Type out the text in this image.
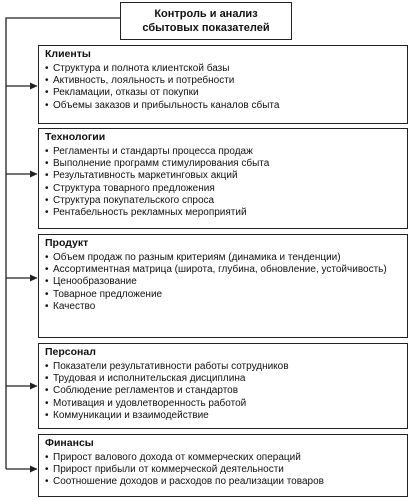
Контроль и анализ
сбытовых показателей
Клиенты
• Структура и полнота клиентской базы
• Активность, лояльность и потребности
• Рекламации, отказы от покупки
• Объемы заказов и прибыльность каналов сбыта
Технологии
• Регламенты и стандарты процесса продаж
• Выполнение программ стимулирования сбыта
• Результативность маркетинговых акций
• Структура товарного предложения
• Структура покупательского спроса
• Рентабельность рекламных мероприятий
Продукт
• Объем продаж по разным критериям (динамика и тенденции)
• Ассортиментная матрица (широта, глубина, обновление, устойчивость)
• Ценообразование
• Товарное предложение
• Качество
Персонал
• Показатели результативности работы сотрудников
• Трудовая и исполнительская дисциплина
• Соблюдение регламентов и стандартов
• Мотивация и удовлетворенность работой
• Коммуникации и взаимодействие
Финансы
• Прирост валового дохода от коммерческих операций
• Прирост прибыли от коммерческой деятельности
• Соотношение доходов и расходов по реализации товаров
